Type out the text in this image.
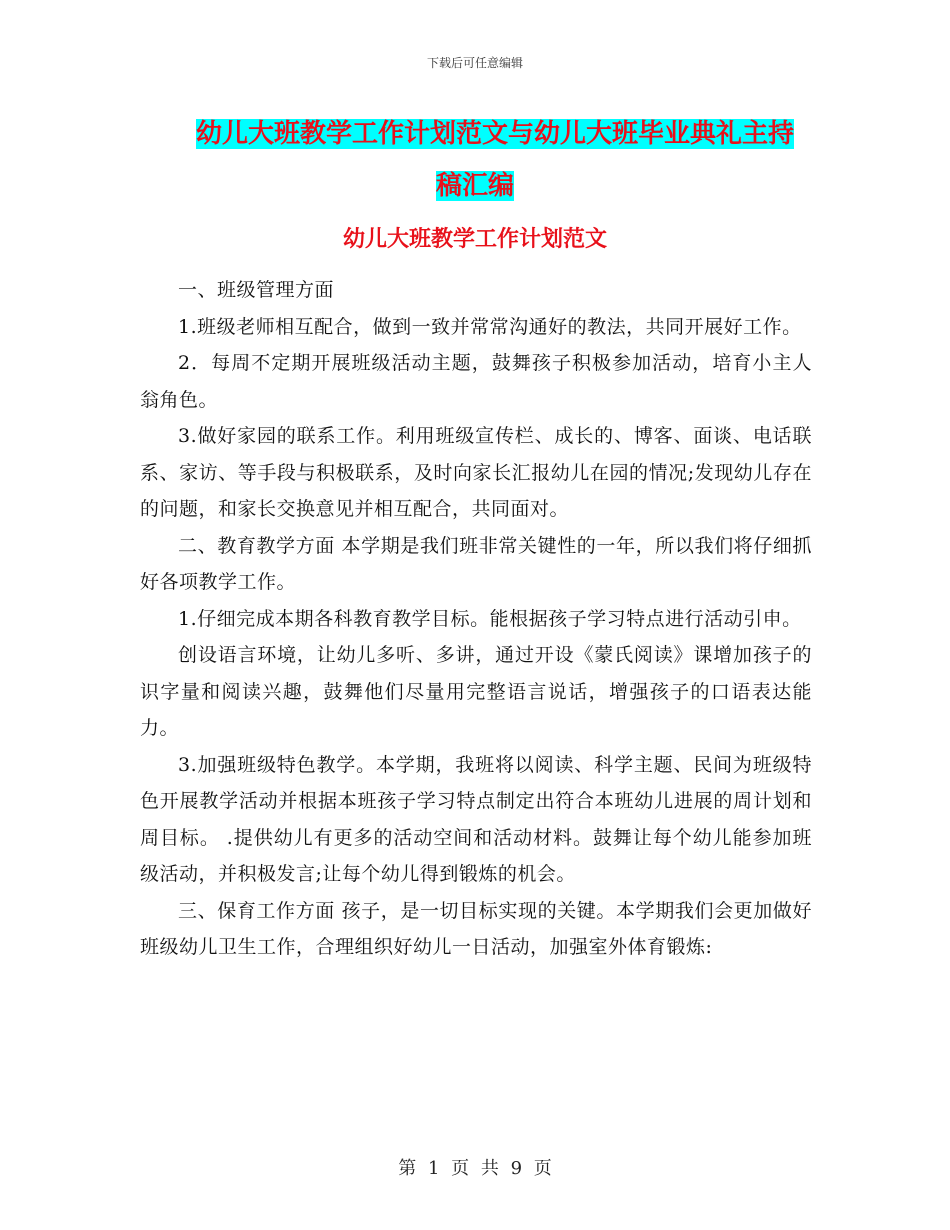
下载后可任意编辑
幼儿大班教学工作计划范文与幼儿大班毕业典礼主持
稿汇编
幼儿大班教学工作计划范文

一、班级管理方面

1.班级老师相互配合，做到一致并常常沟通好的教法，共同开展好工作。

2．每周不定期开展班级活动主题，鼓舞孩子积极参加活动，培育小主人翁角色。

3.做好家园的联系工作。利用班级宣传栏、成长的、博客、面谈、电话联系、家访、等手段与积极联系，及时向家长汇报幼儿在园的情况;发现幼儿存在的问题，和家长交换意见并相互配合，共同面对。

二、教育教学方面 本学期是我们班非常关键性的一年，所以我们将仔细抓好各项教学工作。

1.仔细完成本期各科教育教学目标。能根据孩子学习特点进行活动引申。

创设语言环境，让幼儿多听、多讲，通过开设《蒙氏阅读》课增加孩子的识字量和阅读兴趣，鼓舞他们尽量用完整语言说话，增强孩子的口语表达能力。

3.加强班级特色教学。本学期，我班将以阅读、科学主题、民间为班级特色开展教学活动并根据本班孩子学习特点制定出符合本班幼儿进展的周计划和周目标。 .提供幼儿有更多的活动空间和活动材料。鼓舞让每个幼儿能参加班级活动，并积极发言;让每个幼儿得到锻炼的机会。

三、保育工作方面 孩子，是一切目标实现的关键。本学期我们会更加做好班级幼儿卫生工作，合理组织好幼儿一日活动，加强室外体育锻炼:

第 1 页 共 9 页
